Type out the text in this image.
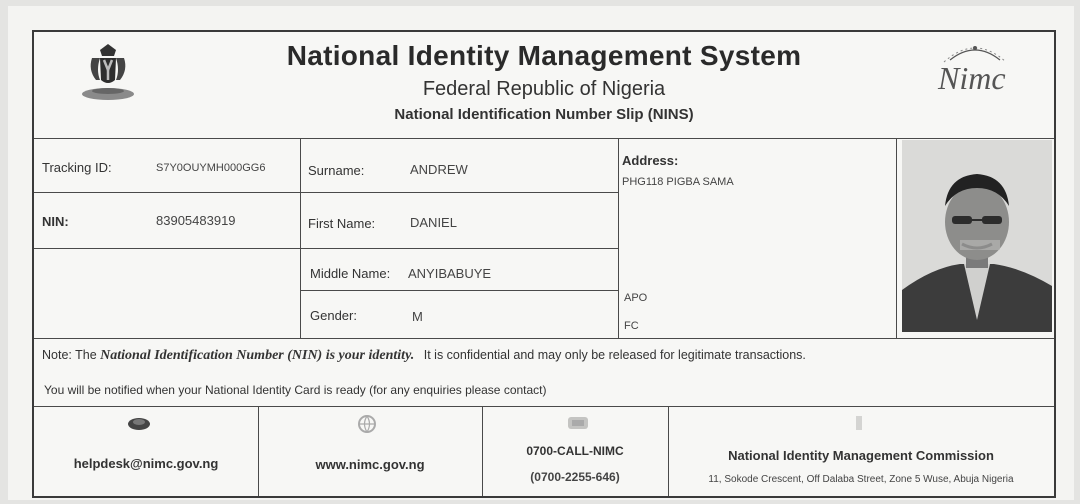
National Identity Management System
Federal Republic of Nigeria
National Identification Number Slip (NINS)
Nimc
Tracking ID:	S7Y0OUYMH000GG6
NIN:	83905483919
Surname:	ANDREW
First Name:	DANIEL
Middle Name: ANYIBABUYE
Gender:	M
Address:
PHG118 PIGBA SAMA
APO
FC
Note: The National Identification Number (NIN) is your identity. It is confidential and may only be released for legitimate transactions.
You will be notified when your National Identity Card is ready (for any enquiries please contact)
helpdesk@nimc.gov.ng	www.nimc.gov.ng
0700-CALL-NIMC
(0700-2255-646)
National Identity Management Commission
11, Sokode Crescent, Off Dalaba Street, Zone 5 Wuse, Abuja Nigeria
